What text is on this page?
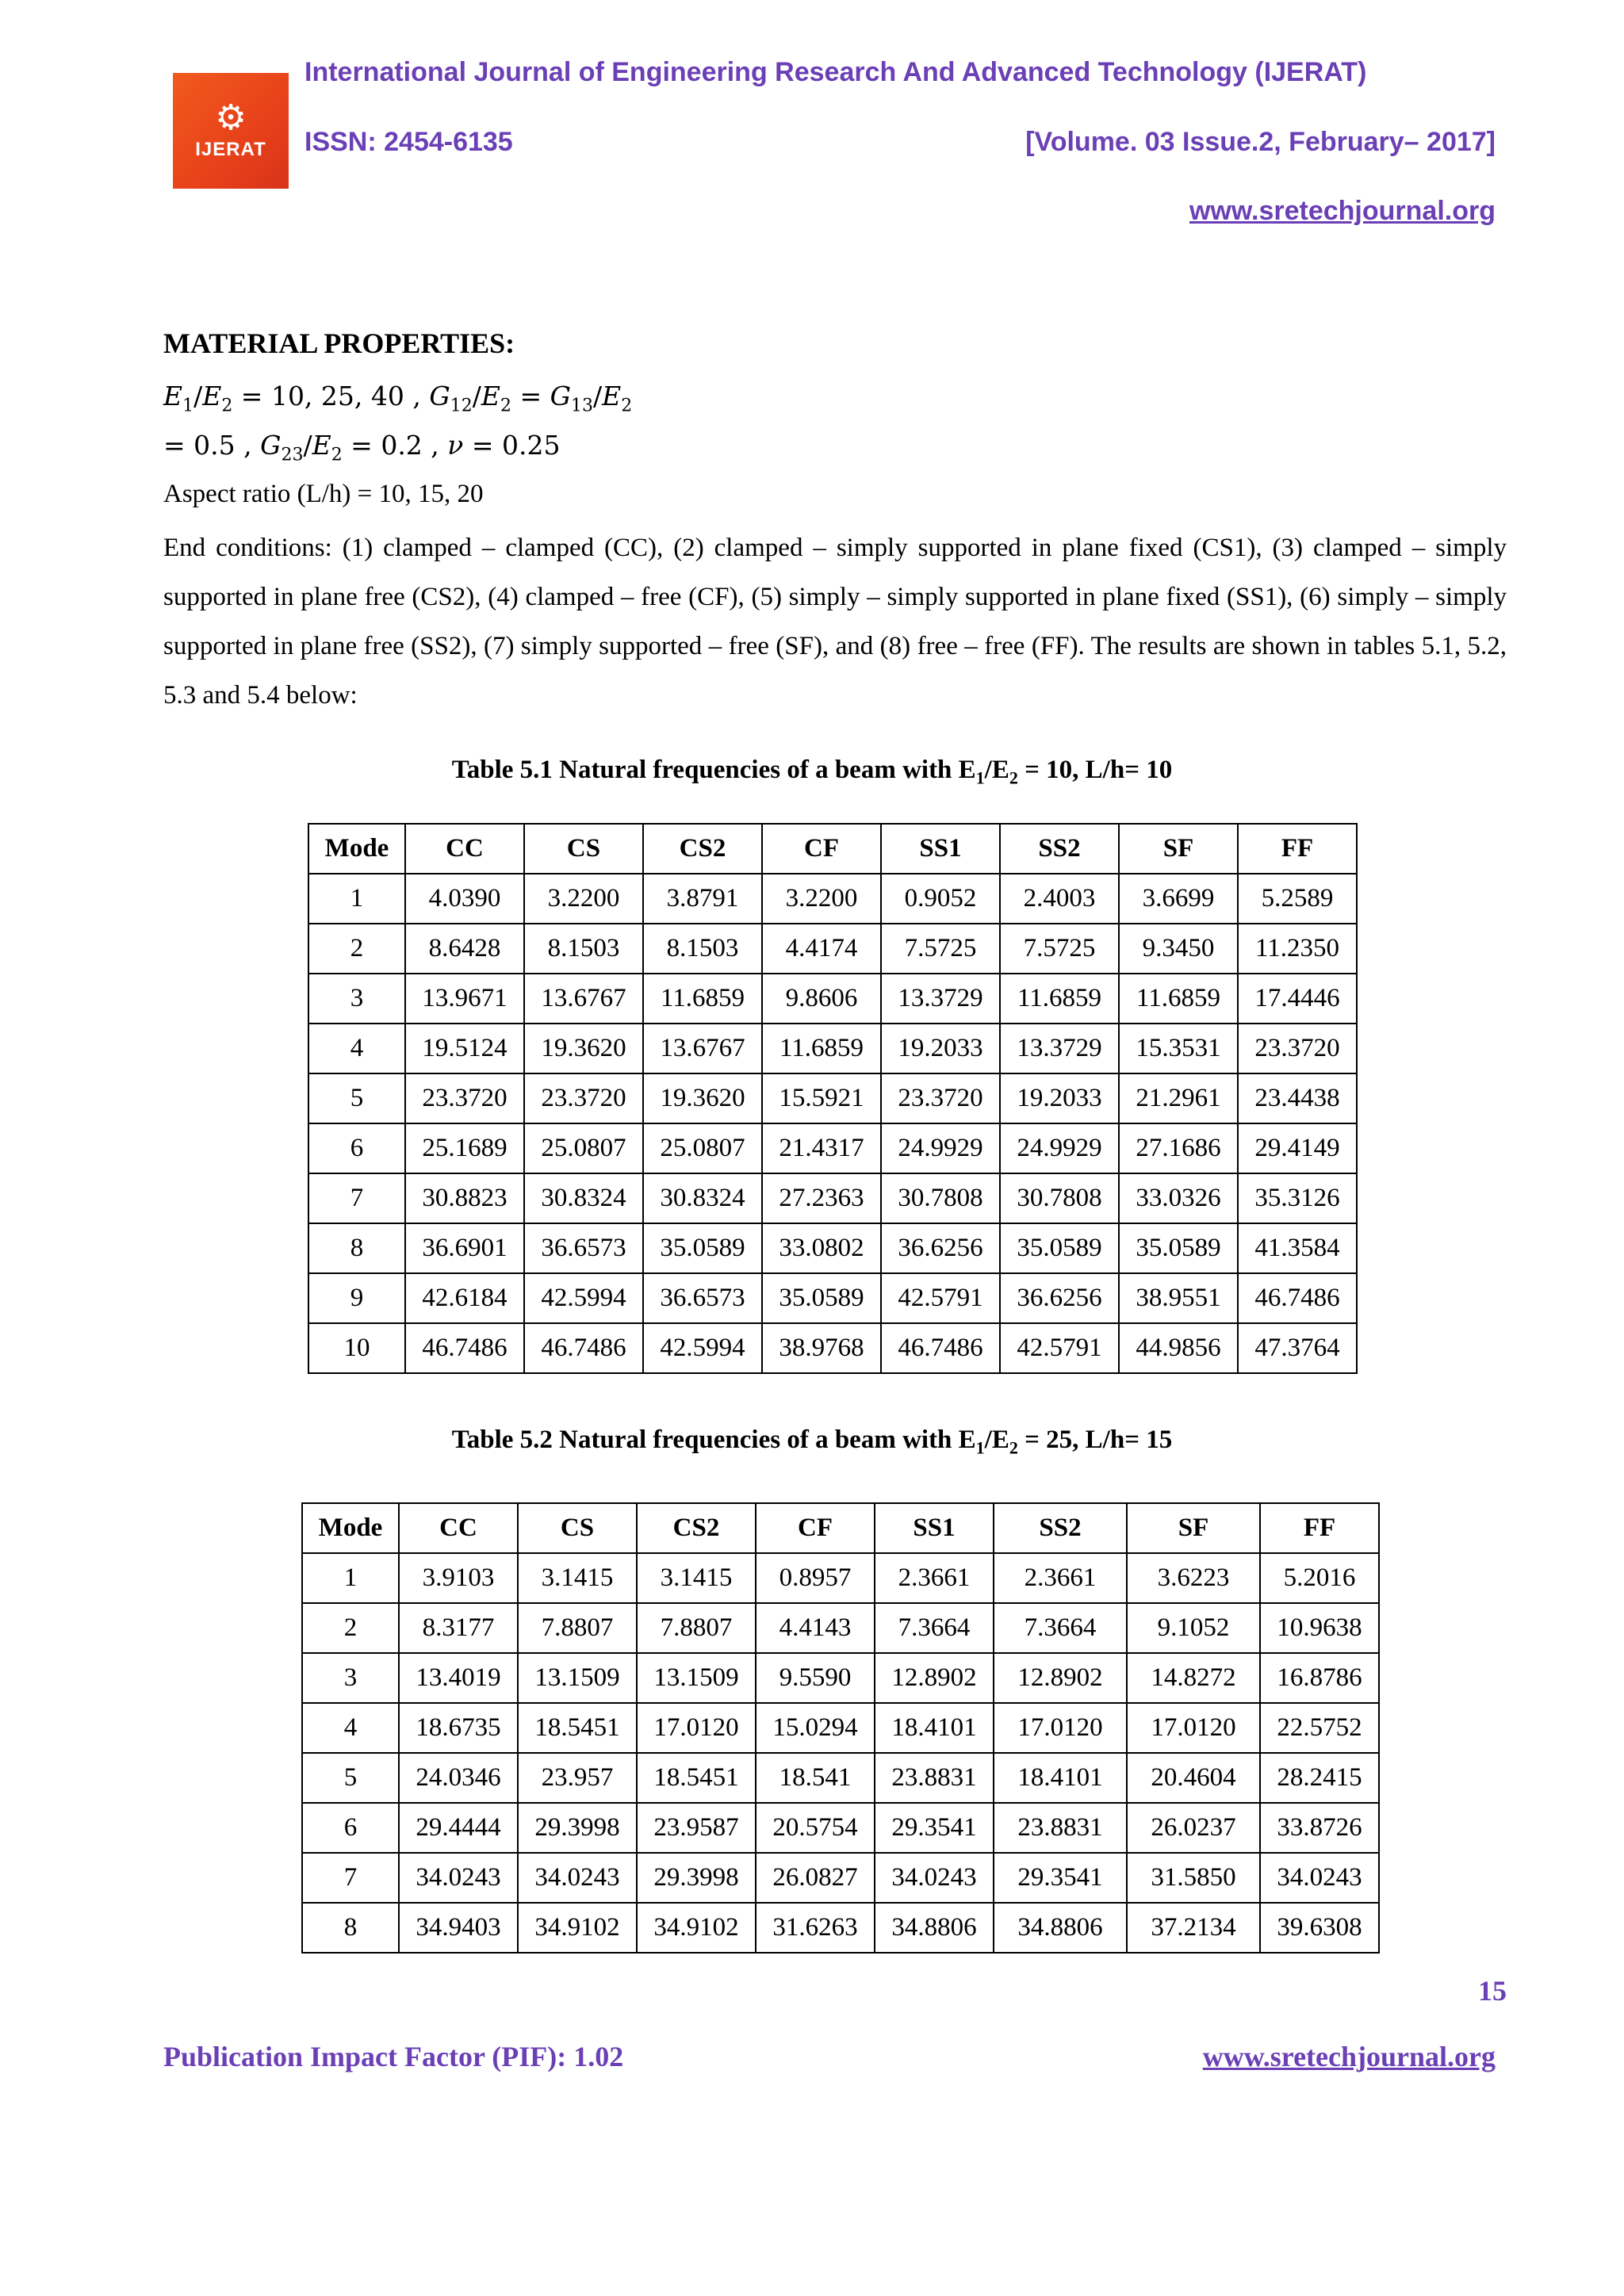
⚙
IJERAT
International Journal of Engineering Research And Advanced Technology (IJERAT)
ISSN: 2454-6135	[Volume. 03 Issue.2, February– 2017]
www.sretechjournal.org
MATERIAL PROPERTIES:
$E_1/E_2 = 10$, 25, 40 , $G_{12}/E_2 = G_{13}/E_2$
= 0.5 , $G_{23}/E_2 = 0.2$ , ν = 0.25
Aspect ratio (L/h) = 10, 15, 20
End conditions: (1) clamped – clamped (CC), (2) clamped – simply supported in plane fixed (CS1), (3) clamped – simply supported in plane free (CS2), (4) clamped – free (CF), (5) simply – simply supported in plane fixed (SS1), (6) simply – simply supported in plane free (SS2), (7) simply supported – free (SF), and (8) free – free (FF). The results are shown in tables 5.1, 5.2, 5.3 and 5.4 below:
Table 5.1 Natural frequencies of a beam with $E_1/E_2 = 10$, L/h= 10
Mode	CC	CS	CS2	CF	SS1	SS2	SF	FF
1	4.0390	3.2200	3.8791	3.2200	0.9052	2.4003	3.6699	5.2589
2	8.6428	8.1503	8.1503	4.4174	7.5725	7.5725	9.3450	11.2350
3	13.9671	13.6767	11.6859	9.8606	13.3729	11.6859	11.6859	17.4446
4	19.5124	19.3620	13.6767	11.6859	19.2033	13.3729	15.3531	23.3720
5	23.3720	23.3720	19.3620	15.5921	23.3720	19.2033	21.2961	23.4438
6	25.1689	25.0807	25.0807	21.4317	24.9929	24.9929	27.1686	29.4149
7	30.8823	30.8324	30.8324	27.2363	30.7808	30.7808	33.0326	35.3126
8	36.6901	36.6573	35.0589	33.0802	36.6256	35.0589	35.0589	41.3584
9	42.6184	42.5994	36.6573	35.0589	42.5791	36.6256	38.9551	46.7486
10	46.7486	46.7486	42.5994	38.9768	46.7486	42.5791	44.9856	47.3764
Table 5.2 Natural frequencies of a beam with $E_1/E_2 = 25$, L/h= 15
Mode	CC	CS	CS2	CF	SS1	SS2	SF	FF
1	3.9103	3.1415	3.1415	0.8957	2.3661	2.3661	3.6223	5.2016
2	8.3177	7.8807	7.8807	4.4143	7.3664	7.3664	9.1052	10.9638
3	13.4019	13.1509	13.1509	9.5590	12.8902	12.8902	14.8272	16.8786
4	18.6735	18.5451	17.0120	15.0294	18.4101	17.0120	17.0120	22.5752
5	24.0346	23.957	18.5451	18.541	23.8831	18.4101	20.4604	28.2415
6	29.4444	29.3998	23.9587	20.5754	29.3541	23.8831	26.0237	33.8726
7	34.0243	34.0243	29.3998	26.0827	34.0243	29.3541	31.5850	34.0243
8	34.9403	34.9102	34.9102	31.6263	34.8806	34.8806	37.2134	39.6308
15
Publication Impact Factor (PIF): 1.02	www.sretechjournal.org
